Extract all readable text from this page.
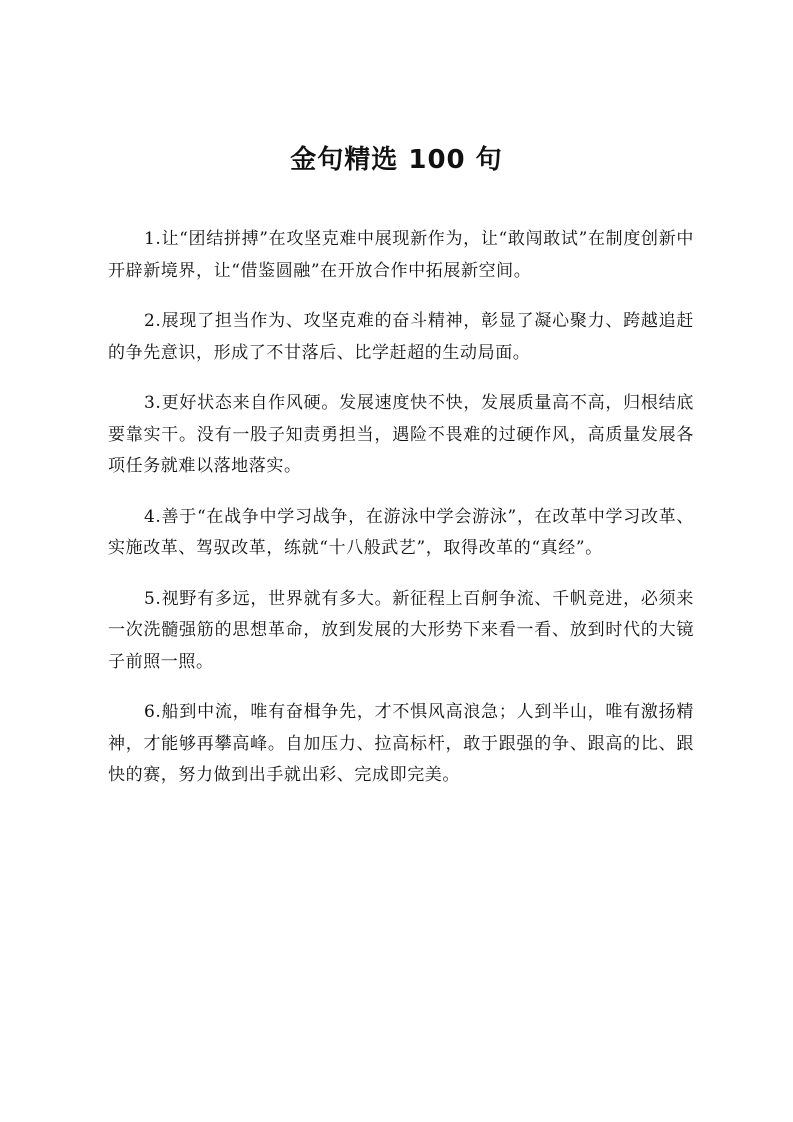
金句精选 100 句

1.让“团结拼搏”在攻坚克难中展现新作为，让“敢闯敢试”在制度创新中开辟新境界，让“借鉴圆融”在开放合作中拓展新空间。

2.展现了担当作为、攻坚克难的奋斗精神，彰显了凝心聚力、跨越追赶的争先意识，形成了不甘落后、比学赶超的生动局面。

3.更好状态来自作风硬。发展速度快不快，发展质量高不高，归根结底要靠实干。没有一股子知责勇担当，遇险不畏难的过硬作风，高质量发展各项任务就难以落地落实。

4.善于“在战争中学习战争，在游泳中学会游泳”，在改革中学习改革、实施改革、驾驭改革，练就“十八般武艺”，取得改革的“真经”。

5.视野有多远，世界就有多大。新征程上百舸争流、千帆竞进，必须来一次洗髓强筋的思想革命，放到发展的大形势下来看一看、放到时代的大镜子前照一照。

6.船到中流，唯有奋楫争先，才不惧风高浪急；人到半山，唯有激扬精神，才能够再攀高峰。自加压力、拉高标杆，敢于跟强的争、跟高的比、跟快的赛，努力做到出手就出彩、完成即完美。
